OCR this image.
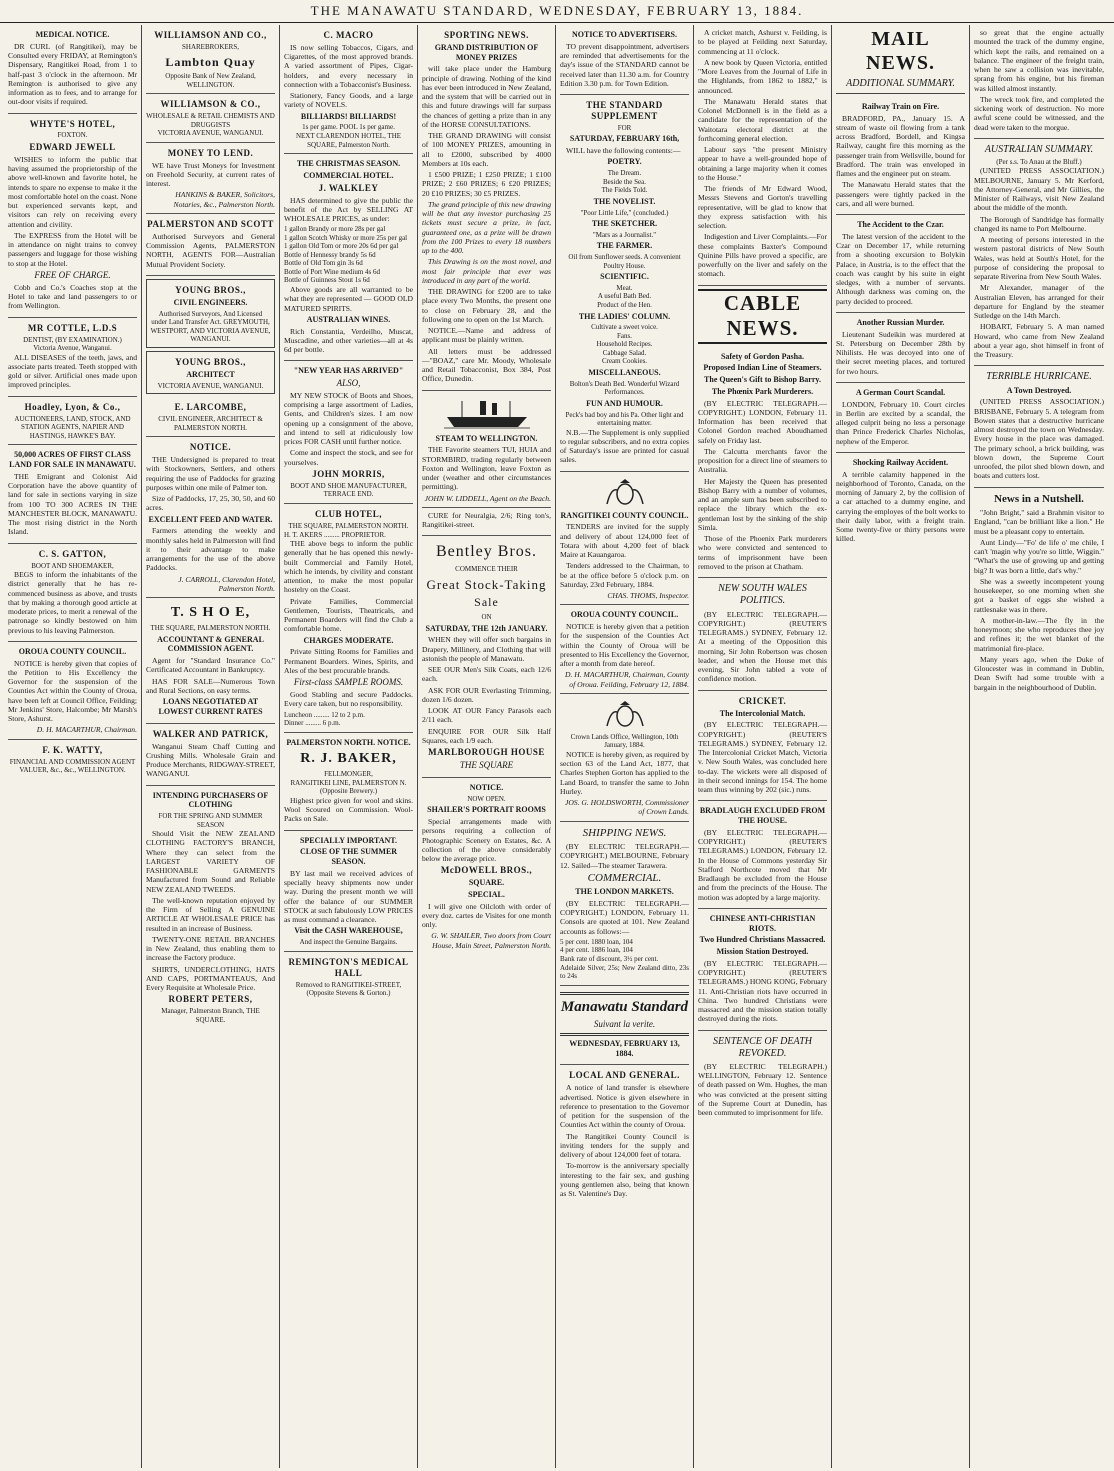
THE MANAWATU STANDARD, WEDNESDAY, FEBRUARY 13, 1884.
MEDICAL NOTICE.

DR CURL (of Rangitikei), may be Consulted every FRIDAY, at Remington's Dispensary, Rangitikei Road, from 1 to half-past 3 o'clock in the afternoon. Mr Remington is authorised to give any information as to fees, and to arrange for out-door visits if required.

WHYTE'S HOTEL,
FOXTON.
EDWARD JEWELL

WISHES to inform the public that having assumed the proprietorship of the above well-known and favorite hotel, he intends to spare no expense to make it the most comfortable hotel on the coast. None but experienced servants kept, and visitors can rely on receiving every attention and civility.

The EXPRESS from the Hotel will be in attendance on night trains to convey passengers and luggage for those wishing to stop at the Hotel.

FREE OF CHARGE.

Cobb and Co.'s Coaches stop at the Hotel to take and land passengers to or from Wellington.

MR COTTLE, L.D.S
DENTIST, (BY EXAMINATION.)
Victoria Avenue, Wanganui.

ALL DISEASES of the teeth, jaws, and associate parts treated. Teeth stopped with gold or silver. Artificial ones made upon improved principles.

Hoadley, Lyon, & Co.,
AUCTIONEERS, LAND, STOCK, AND STATION AGENTS, NAPIER AND HASTINGS, HAWKE'S BAY.
50,000 ACRES OF FIRST CLASS LAND FOR SALE IN MANAWATU.

THE Emigrant and Colonist Aid Corporation have the above quantity of land for sale in sections varying in size from 100 TO 300 ACRES IN THE MANCHESTER BLOCK, MANAWATU. The most rising district in the North Island.

C. S. GATTON,
BOOT AND SHOEMAKER,

BEGS to inform the inhabitants of the district generally that he has re-commenced business as above, and trusts that by making a thorough good article at moderate prices, to merit a renewal of the patronage so kindly bestowed on him previous to his leaving Palmerston.

OROUA COUNTY COUNCIL.

NOTICE is hereby given that copies of the Petition to His Excellency the Governor for the suspension of the Counties Act within the County of Oroua, have been left at Council Office, Feilding; Mr Jenkins' Store, Halcombe; Mr Marsh's Store, Ashurst.

D. H. MACARTHUR, Chairman.
F. K. WATTY,
FINANCIAL AND COMMISSION AGENT VALUER, &c., &c., WELLINGTON.
WILLIAMSON AND CO.,
SHAREBROKERS,
Lambton Quay
Opposite Bank of New Zealand, WELLINGTON.
WILLIAMSON & CO.,
WHOLESALE & RETAIL CHEMISTS AND DRUGGISTS
VICTORIA AVENUE, WANGANUI.
MONEY TO LEND.

WE have Trust Moneys for Investment on Freehold Security, at current rates of interest.

HANKINS & BAKER, Solicitors, Notaries, &c., Palmerston North.
PALMERSTON AND SCOTT

Authorised Surveyors and General Commission Agents, PALMERSTON NORTH, AGENTS FOR—Australian Mutual Provident Society.

YOUNG BROS.,
CIVIL ENGINEERS.
Authorised Surveyors, And Licensed under Land Transfer Act. GREYMOUTH, WESTPORT, AND VICTORIA AVENUE, WANGANUI.
YOUNG BROS.,
ARCHITECT
VICTORIA AVENUE, WANGANUI.
E. LARCOMBE,
CIVIL ENGINEER, ARCHITECT & PALMERSTON NORTH.
NOTICE.

THE Undersigned is prepared to treat with Stockowners, Settlers, and others requiring the use of Paddocks for grazing purposes within one mile of Palmer ton.

Size of Paddocks, 17, 25, 30, 50, and 60 acres.

EXCELLENT FEED AND WATER.

Farmers attending the weekly and monthly sales held in Palmerston will find it to their advantage to make arrangements for the use of the above Paddocks.

J. CARROLL, Clarendon Hotel, Palmerston North.
T. S H O E,
THE SQUARE, PALMERSTON NORTH.
ACCOUNTANT & GENERAL COMMISSION AGENT.

Agent for "Standard Insurance Co." Certificated Accountant in Bankruptcy.

HAS FOR SALE—Numerous Town and Rural Sections, on easy terms.

LOANS NEGOTIATED AT LOWEST CURRENT RATES
WALKER AND PATRICK,

Wanganui Steam Chaff Cutting and Crushing Mills. Wholesale Grain and Produce Merchants, RIDGWAY-STREET, WANGANUI.

INTENDING PURCHASERS OF CLOTHING
FOR THE SPRING AND SUMMER SEASON

Should Visit the NEW ZEALAND CLOTHING FACTORY'S BRANCH, Where they can select from the LARGEST VARIETY OF FASHIONABLE GARMENTS Manufactured from Sound and Reliable NEW ZEALAND TWEEDS.

The well-known reputation enjoyed by the Firm of Selling A GENUINE ARTICLE AT WHOLESALE PRICE has resulted in an increase of Business.

TWENTY-ONE RETAIL BRANCHES in New Zealand, thus enabling them to increase the Factory produce.

SHIRTS, UNDERCLOTHING, HATS AND CAPS, PORTMANTEAUS, And Every Requisite at Wholesale Price.

ROBERT PETERS,
Manager, Palmerston Branch, THE SQUARE.
C. MACRO

IS now selling Tobaccos, Cigars, and Cigarettes, of the most approved brands. A varied assortment of Pipes, Cigar-holders, and every necessary in connection with a Tobacconist's Business.

Stationery, Fancy Goods, and a large variety of NOVELS.

BILLIARDS! BILLIARDS!
1s per game. POOL 1s per game.
NEXT CLARENDON HOTEL, THE SQUARE, Palmerston North.
THE CHRISTMAS SEASON.
COMMERCIAL HOTEL.
J. WALKLEY

HAS determined to give the public the benefit of the Act by SELLING AT WHOLESALE PRICES, as under:

1 gallon Brandy or more 28s per gal
1 gallon Scotch Whisky or more 25s per gal
1 gallon Old Tom or more 20s 6d per gal
Bottle of Hennessy brandy 5s 6d
Bottle of Old Tom gin 3s 6d
Bottle of Port Wine medium 4s 6d
Bottle of Guinness Stout 1s 6d

Above goods are all warranted to be what they are represented — GOOD OLD MATURED SPIRITS.

AUSTRALIAN WINES.

Rich Constantia, Verdeilho, Muscat, Muscadine, and other varieties—all at 4s 6d per bottle.

"NEW YEAR HAS ARRIVED"
ALSO,

MY NEW STOCK of Boots and Shoes, comprising a large assortment of Ladies, Gents, and Children's sizes. I am now opening up a consignment of the above, and intend to sell at ridiculously low prices FOR CASH until further notice.

Come and inspect the stock, and see for yourselves.

JOHN MORRIS,
BOOT AND SHOE MANUFACTURER, TERRACE END.
CLUB HOTEL,
THE SQUARE, PALMERSTON NORTH.
H. T. AKERS ......... PROPRIETOR.

THE above begs to inform the public generally that he has opened this newly-built Commercial and Family Hotel, which he intends, by civility and constant attention, to make the most popular hostelry on the Coast.

Private Families, Commercial Gentlemen, Tourists, Theatricals, and Permanent Boarders will find the Club a comfortable home.

CHARGES MODERATE.

Private Sitting Rooms for Families and Permanent Boarders. Wines, Spirits, and Ales of the best procurable brands.

First-class SAMPLE ROOMS.

Good Stabling and secure Paddocks. Every care taken, but no responsibility.

Luncheon ......... 12 to 2 p.m.
Dinner ......... 6 p.m.
PALMERSTON NORTH. NOTICE.
R. J. BAKER,
FELLMONGER,
RANGITIKEI LINE, PALMERSTON N. (Opposite Brewery.)

Highest price given for wool and skins. Wool Scoured on Commission. Wool-Packs on Sale.

SPECIALLY IMPORTANT.
CLOSE OF THE SUMMER SEASON.

BY last mail we received advices of specially heavy shipments now under way. During the present month we will offer the balance of our SUMMER STOCK at such fabulously LOW PRICES as must command a clearance.

Visit the CASH WAREHOUSE,
And inspect the Genuine Bargains.
REMINGTON'S MEDICAL HALL
Removed to RANGITIKEI-STREET, (Opposite Stevens & Gorton.)
SPORTING NEWS.
GRAND DISTRIBUTION OF MONEY PRIZES

will take place under the Hamburg principle of drawing. Nothing of the kind has ever been introduced in New Zealand, and the system that will be carried out in this and future drawings will far surpass the chances of getting a prize than in any of the HORSE CONSULTATIONS.

THE GRAND DRAWING will consist of 100 MONEY PRIZES, amounting in all to £2000, subscribed by 4000 Members at 10s each.

1 £500 PRIZE; 1 £250 PRIZE; 1 £100 PRIZE; 2 £60 PRIZES; 6 £20 PRIZES; 20 £10 PRIZES; 30 £5 PRIZES.

The grand principle of this new drawing will be that any investor purchasing 25 tickets must secure a prize, in fact, guaranteed one, as a prize will be drawn from the 100 Prizes to every 18 numbers up to the 400.

This Drawing is on the most novel, and most fair principle that ever was introduced in any part of the world.

THE DRAWING for £200 are to take place every Two Months, the present one to close on February 28, and the following one to open on the 1st March.

NOTICE.—Name and address of applicant must be plainly written.

All letters must be addressed—"BOAZ," care Mr. Moody, Wholesale and Retail Tobacconist, Box 384, Post Office, Dunedin.

STEAM TO WELLINGTON.

THE Favorite steamers TUI, HUIA and STORMBIRD, trading regularly between Foxton and Wellington, leave Foxton as under (weather and other circumstances permitting).

JOHN W. LIDDELL, Agent on the Beach.

CURE for Neuralgia, 2/6; Ring ton's, Rangitikei-street.

Bentley Bros.
COMMENCE THEIR
Great Stock-Taking
Sale
ON
SATURDAY, THE 12th JANUARY.

WHEN they will offer such bargains in Drapery, Millinery, and Clothing that will astonish the people of Manawatu.

SEE OUR Men's Silk Coats, each 12/6 each.

ASK FOR OUR Everlasting Trimming, dozen 1/6 dozen.

LOOK AT OUR Fancy Parasols each 2/11 each.

ENQUIRE FOR OUR Silk Half Squares, each 1/9 each.

MARLBOROUGH HOUSE
THE SQUARE
NOTICE.
NOW OPEN.
SHAILER'S PORTRAIT ROOMS

Special arrangements made with persons requiring a collection of Photographic Scenery on Estates, &c. A collection of the above considerably below the average price.

McDOWELL BROS.,
SQUARE.
SPECIAL.

I will give one Oilcloth with order of every doz. cartes de Visites for one month only.

G. W. SHAILER, Two doors from Court House, Main Street, Palmerston North.
NOTICE TO ADVERTISERS.

TO prevent disappointment, advertisers are reminded that advertisements for the day's issue of the STANDARD cannot be received later than 11.30 a.m. for Country Edition 3.30 p.m. for Town Edition.

THE STANDARD SUPPLEMENT
FOR
SATURDAY, FEBRUARY 16th,

WILL have the following contents:—

POETRY.
The Dream.
Beside the Sea.
The Fields Told.
THE NOVELIST.
"Poor Little Life," (concluded.)
THE SKETCHER.
"Mars as a Journalist."
THE FARMER.
Oil from Sunflower seeds. A convenient Poultry House.
SCIENTIFIC.
Meat.
A useful Bath Bed.
Product of the Hen.
THE LADIES' COLUMN.
Cultivate a sweet voice.
Fans.
Household Recipes.
Cabbage Salad.
Cream Cookies.
MISCELLANEOUS.
Bolton's Death Bed. Wonderful Wizard Performances.
FUN AND HUMOUR.
Peck's bad boy and his Pa. Other light and entertaining matter.

N.B.—The Supplement is only supplied to regular subscribers, and no extra copies of Saturday's issue are printed for casual sales.

RANGITIKEI COUNTY COUNCIL.

TENDERS are invited for the supply and delivery of about 124,000 feet of Totara with about 4,200 feet of black Maire at Kauangaroa.

Tenders addressed to the Chairman, to be at the office before 5 o'clock p.m. on Saturday, 23rd February, 1884.

CHAS. THOMS, Inspector.
OROUA COUNTY COUNCIL.

NOTICE is hereby given that a petition for the suspension of the Counties Act within the County of Oroua will be presented to His Excellency the Governor, after a month from date hereof.

D. H. MACARTHUR, Chairman, County of Oroua. Feilding, February 12, 1884.
Crown Lands Office, Wellington, 10th January, 1884.

NOTICE is hereby given, as required by section 63 of the Land Act, 1877, that Charles Stephen Gorton has applied to the Land Board, to transfer the same to John Hurley.

JOS. G. HOLDSWORTH, Commissioner of Crown Lands.
SHIPPING NEWS.

(BY ELECTRIC TELEGRAPH.—COPYRIGHT.) MELBOURNE, February 12. Sailed—The steamer Tarawera.

COMMERCIAL.
THE LONDON MARKETS.

(BY ELECTRIC TELEGRAPH.—COPYRIGHT.) LONDON, February 11. Consols are quoted at 101. New Zealand accounts as follows:—

5 per cent. 1880 loan, 104
4 per cent. 1886 loan, 104
Bank rate of discount, 3½ per cent.
Adelaide Silver, 25s; New Zealand ditto, 23s to 24s
Manawatu Standard
Suivant la verite.
WEDNESDAY, FEBRUARY 13, 1884.
LOCAL AND GENERAL.

A notice of land transfer is elsewhere advertised. Notice is given elsewhere in reference to presentation to the Governor of petition for the suspension of the Counties Act within the county of Oroua.

The Rangitikei County Council is inviting tenders for the supply and delivery of about 124,000 feet of totara.

To-morrow is the anniversary specially interesting to the fair sex, and gushing young gentlemen also, being that known as St. Valentine's Day.

A cricket match, Ashurst v. Feilding, is to be played at Feilding next Saturday, commencing at 11 o'clock.

A new book by Queen Victoria, entitled "More Leaves from the Journal of Life in the Highlands, from 1862 to 1882," is announced.

The Manawatu Herald states that Colonel McDonnell is in the field as a candidate for the representation of the Waitotara electoral district at the forthcoming general election.

Labour says "the present Ministry appear to have a well-grounded hope of obtaining a large majority when it comes to the House."

The friends of Mr Edward Wood, Messrs Stevens and Gorton's travelling representative, will be glad to know that they express satisfaction with his selection.

Indigestion and Liver Complaints.—For these complaints Baxter's Compound Quinine Pills have proved a specific, are powerfully on the liver and safely on the stomach.

CABLE NEWS.
Safety of Gordon Pasha.
Proposed Indian Line of Steamers.
The Queen's Gift to Bishop Barry.
The Phœnix Park Murderers.

(BY ELECTRIC TELEGRAPH.—COPYRIGHT.) LONDON, February 11. Information has been received that Colonel Gordon reached Aboudhamed safely on Friday last.

The Calcutta merchants favor the proposition for a direct line of steamers to Australia.

Her Majesty the Queen has presented Bishop Barry with a number of volumes, and an ample sum has been subscribed to replace the library which the ex-gentleman lost by the sinking of the ship Simla.

Those of the Phoenix Park murderers who were convicted and sentenced to terms of imprisonment have been removed to the prison at Chatham.

NEW SOUTH WALES POLITICS.

(BY ELECTRIC TELEGRAPH.—COPYRIGHT.) (REUTER'S TELEGRAMS.) SYDNEY, February 12. At a meeting of the Opposition this morning, Sir John Robertson was chosen leader, and when the House met this evening, Sir John tabled a vote of confidence motion.

CRICKET.
The Intercolonial Match.

(BY ELECTRIC TELEGRAPH.—COPYRIGHT.) (REUTER'S TELEGRAMS.) SYDNEY, February 12. The Intercolonial Cricket Match, Victoria v. New South Wales, was concluded here to-day. The wickets were all disposed of in their second innings for 154. The home team thus winning by 202 (sic.) runs.

BRADLAUGH EXCLUDED FROM THE HOUSE.

(BY ELECTRIC TELEGRAPH.—COPYRIGHT.) (REUTER'S TELEGRAMS.) LONDON, February 12. In the House of Commons yesterday Sir Stafford Northcote moved that Mr Bradlaugh be excluded from the House and from the precincts of the House. The motion was adopted by a large majority.

CHINESE ANTI-CHRISTIAN RIOTS.
Two Hundred Christians Massacred.
Mission Station Destroyed.

(BY ELECTRIC TELEGRAPH.—COPYRIGHT.) (REUTER'S TELEGRAMS.) HONG KONG, February 11. Anti-Christian riots have occurred in China. Two hundred Christians were massacred and the mission station totally destroyed during the riots.

SENTENCE OF DEATH REVOKED.

(BY ELECTRIC TELEGRAPH.) WELLINGTON, February 12. Sentence of death passed on Wm. Hughes, the man who was convicted at the present sitting of the Supreme Court at Dunedin, has been commuted to imprisonment for life.

MAIL NEWS.
ADDITIONAL SUMMARY.
Railway Train on Fire.

BRADFORD, PA., January 15. A stream of waste oil flowing from a tank across Bradford, Bordell, and Kingsa Railway, caught fire this morning as the passenger train from Wellsville, bound for Bradford. The train was enveloped in flames and the engineer put on steam.

The Manawatu Herald states that the passengers were tightly packed in the cars, and all were burned.

The Accident to the Czar.

The latest version of the accident to the Czar on December 17, while returning from a shooting excursion to Bolykin Palace, in Austria, is to the effect that the coach was caught by his suite in eight sledges, with a number of servants. Although darkness was coming on, the party decided to proceed.

Another Russian Murder.

Lieutenant Sudeikin was murdered at St. Petersburg on December 28th by Nihilists. He was decoyed into one of their secret meeting places, and tortured for two hours.

A German Court Scandal.

LONDON, February 10. Court circles in Berlin are excited by a scandal, the alleged culprit being no less a personage than Prince Frederick Charles Nicholas, nephew of the Emperor.

Shocking Railway Accident.

A terrible calamity happened in the neighborhood of Toronto, Canada, on the morning of January 2, by the collision of a car attached to a dummy engine, and carrying the employes of the bolt works to their daily labor, with a freight train. Some twenty-five or thirty persons were killed.

so great that the engine actually mounted the track of the dummy engine, which kept the rails, and remained on a balance. The engineer of the freight train, when he saw a collision was inevitable, sprang from his engine, but his fireman was killed almost instantly.

The wreck took fire, and completed the sickening work of destruction. No more awful scene could be witnessed, and the dead were taken to the morgue.

AUSTRALIAN SUMMARY.
(Per s.s. To Anau at the Bluff.)

(UNITED PRESS ASSOCIATION.) MELBOURNE, January 5. Mr Kerford, the Attorney-General, and Mr Gillies, the Minister of Railways, visit New Zealand about the middle of the month.

The Borough of Sandridge has formally changed its name to Port Melbourne.

A meeting of persons interested in the western pastoral districts of New South Wales, was held at South's Hotel, for the purpose of considering the proposal to separate Riverina from New South Wales.

Mr Alexander, manager of the Australian Eleven, has arranged for their departure for England by the steamer Sutledge on the 14th March.

HOBART, February 5. A man named Howard, who came from New Zealand about a year ago, shot himself in front of the Treasury.

TERRIBLE HURRICANE.
A Town Destroyed.

(UNITED PRESS ASSOCIATION.) BRISBANE, February 5. A telegram from Bowen states that a destructive hurricane almost destroyed the town on Wednesday. Every house in the place was damaged. The primary school, a brick building, was blown down, the Supreme Court unroofed, the pilot shed blown down, and boats and cutters lost.

News in a Nutshell.

"John Bright," said a Brahmin visitor to England, "can be brilliant like a lion." He must be a pleasant copy to entertain.

Aunt Lindy—"Fo' de life o' me chile, I can't 'magin why you're so little, Wiggin." "What's the use of growing up and getting big? It was born a little, dat's why."

She was a sweetly incompetent young housekeeper, so one morning when she got a basket of eggs she wished a rattlesnake was in there.

A mother-in-law.—The fly in the honeymoon; she who reproduces thee joy and refines it; the wet blanket of the matrimonial fire-place.

Many years ago, when the Duke of Gloucester was in command in Dublin, Dean Swift had some trouble with a bargain in the neighbourhood of Dublin.
